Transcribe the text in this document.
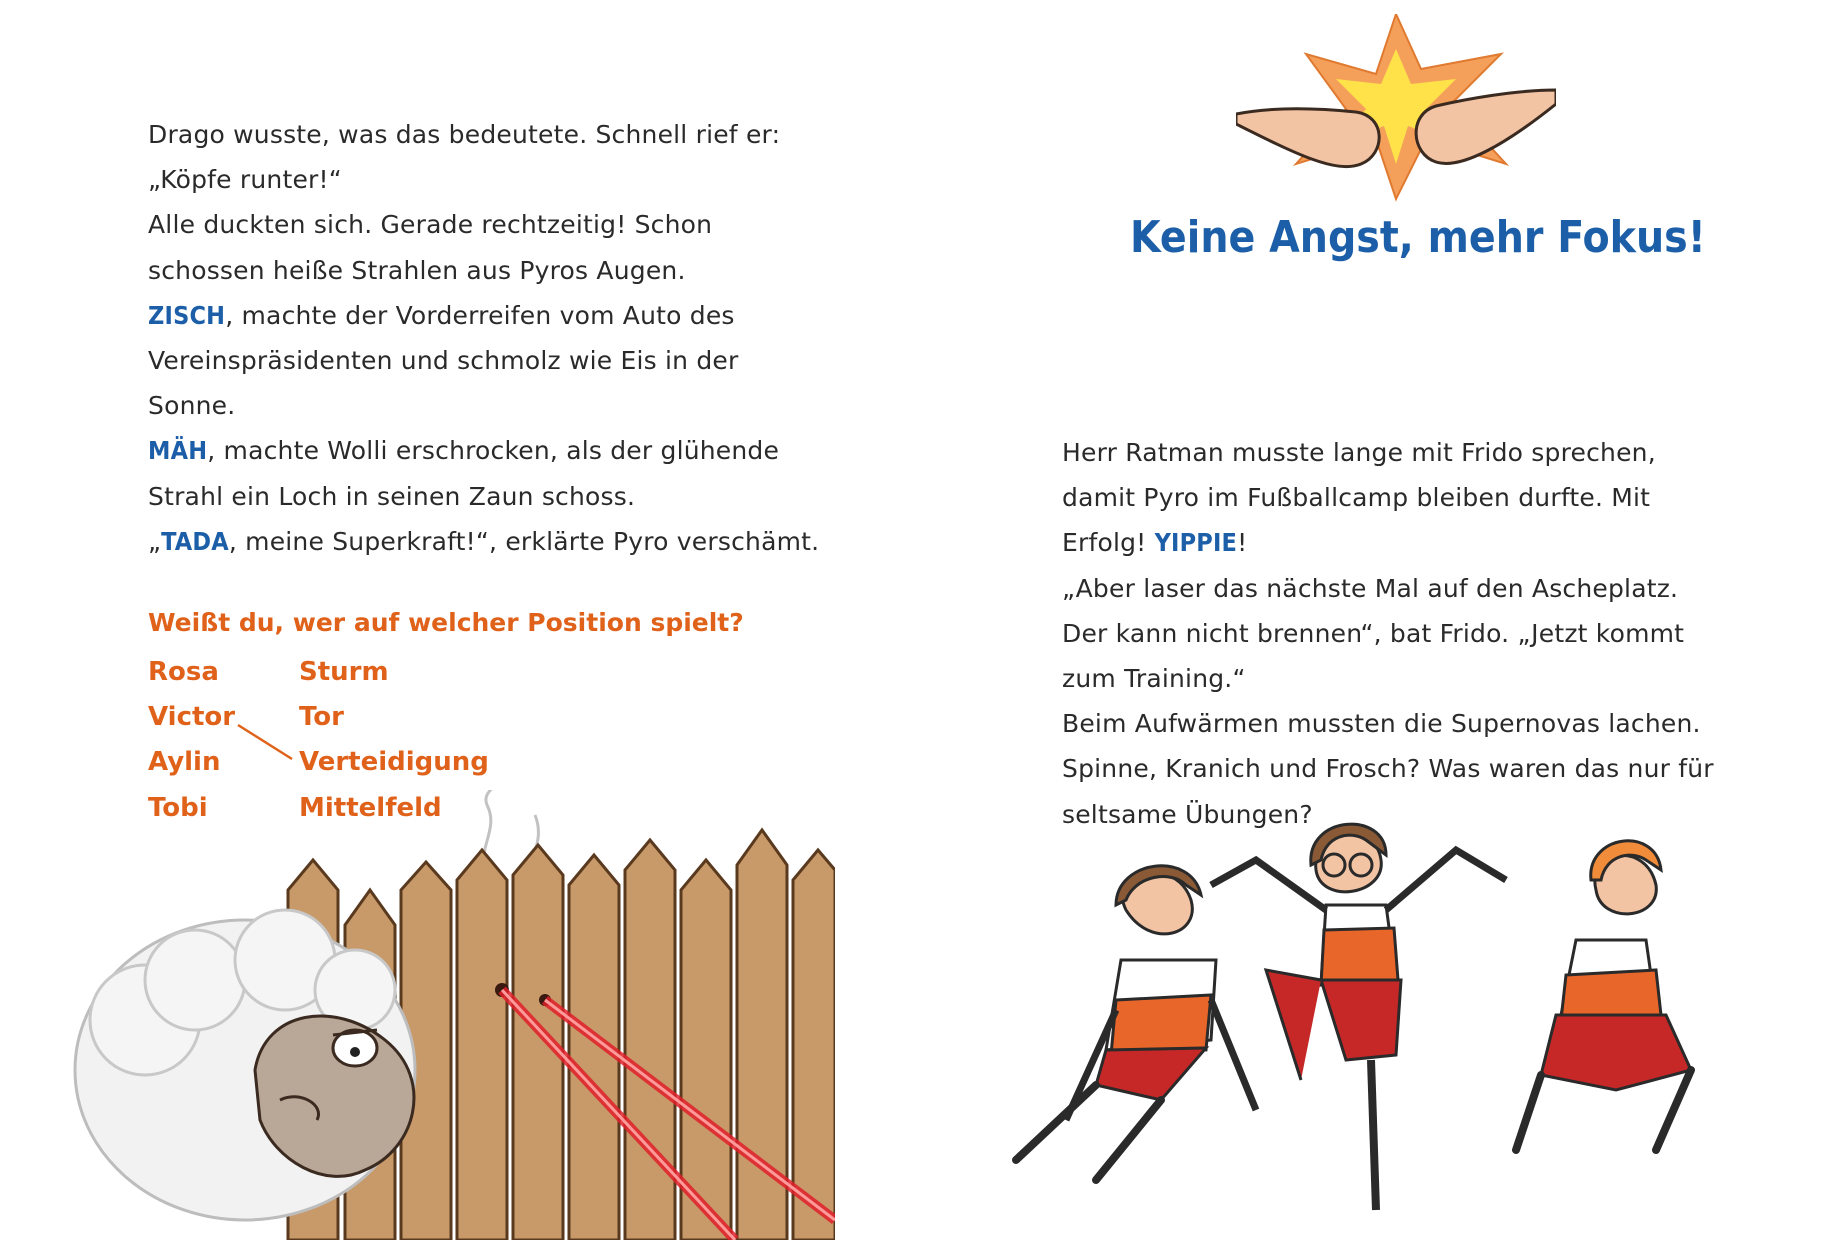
Drago wusste, was das bedeutete. Schnell rief er:

„Köpfe runter!“

Alle duckten sich. Gerade rechtzeitig! Schon

schossen heiße Strahlen aus Pyros Augen.

ZISCH, machte der Vorderreifen vom Auto des

Vereinspräsidenten und schmolz wie Eis in der

Sonne.

MÄH, machte Wolli erschrocken, als der glühende

Strahl ein Loch in seinen Zaun schoss.

„TADA, meine Superkraft!“, erklärte Pyro verschämt.

Weißt du, wer auf welcher Position spielt?
Rosa
Victor
Aylin
Tobi
Sturm
Tor
Verteidigung
Mittelfeld
Keine Angst, mehr Fokus!

Herr Ratman musste lange mit Frido sprechen,

damit Pyro im Fußballcamp bleiben durfte. Mit

Erfolg! YIPPIE!

„Aber laser das nächste Mal auf den Ascheplatz.

Der kann nicht brennen“, bat Frido. „Jetzt kommt

zum Training.“

Beim Aufwärmen mussten die Supernovas lachen.

Spinne, Kranich und Frosch? Was waren das nur für

seltsame Übungen?
